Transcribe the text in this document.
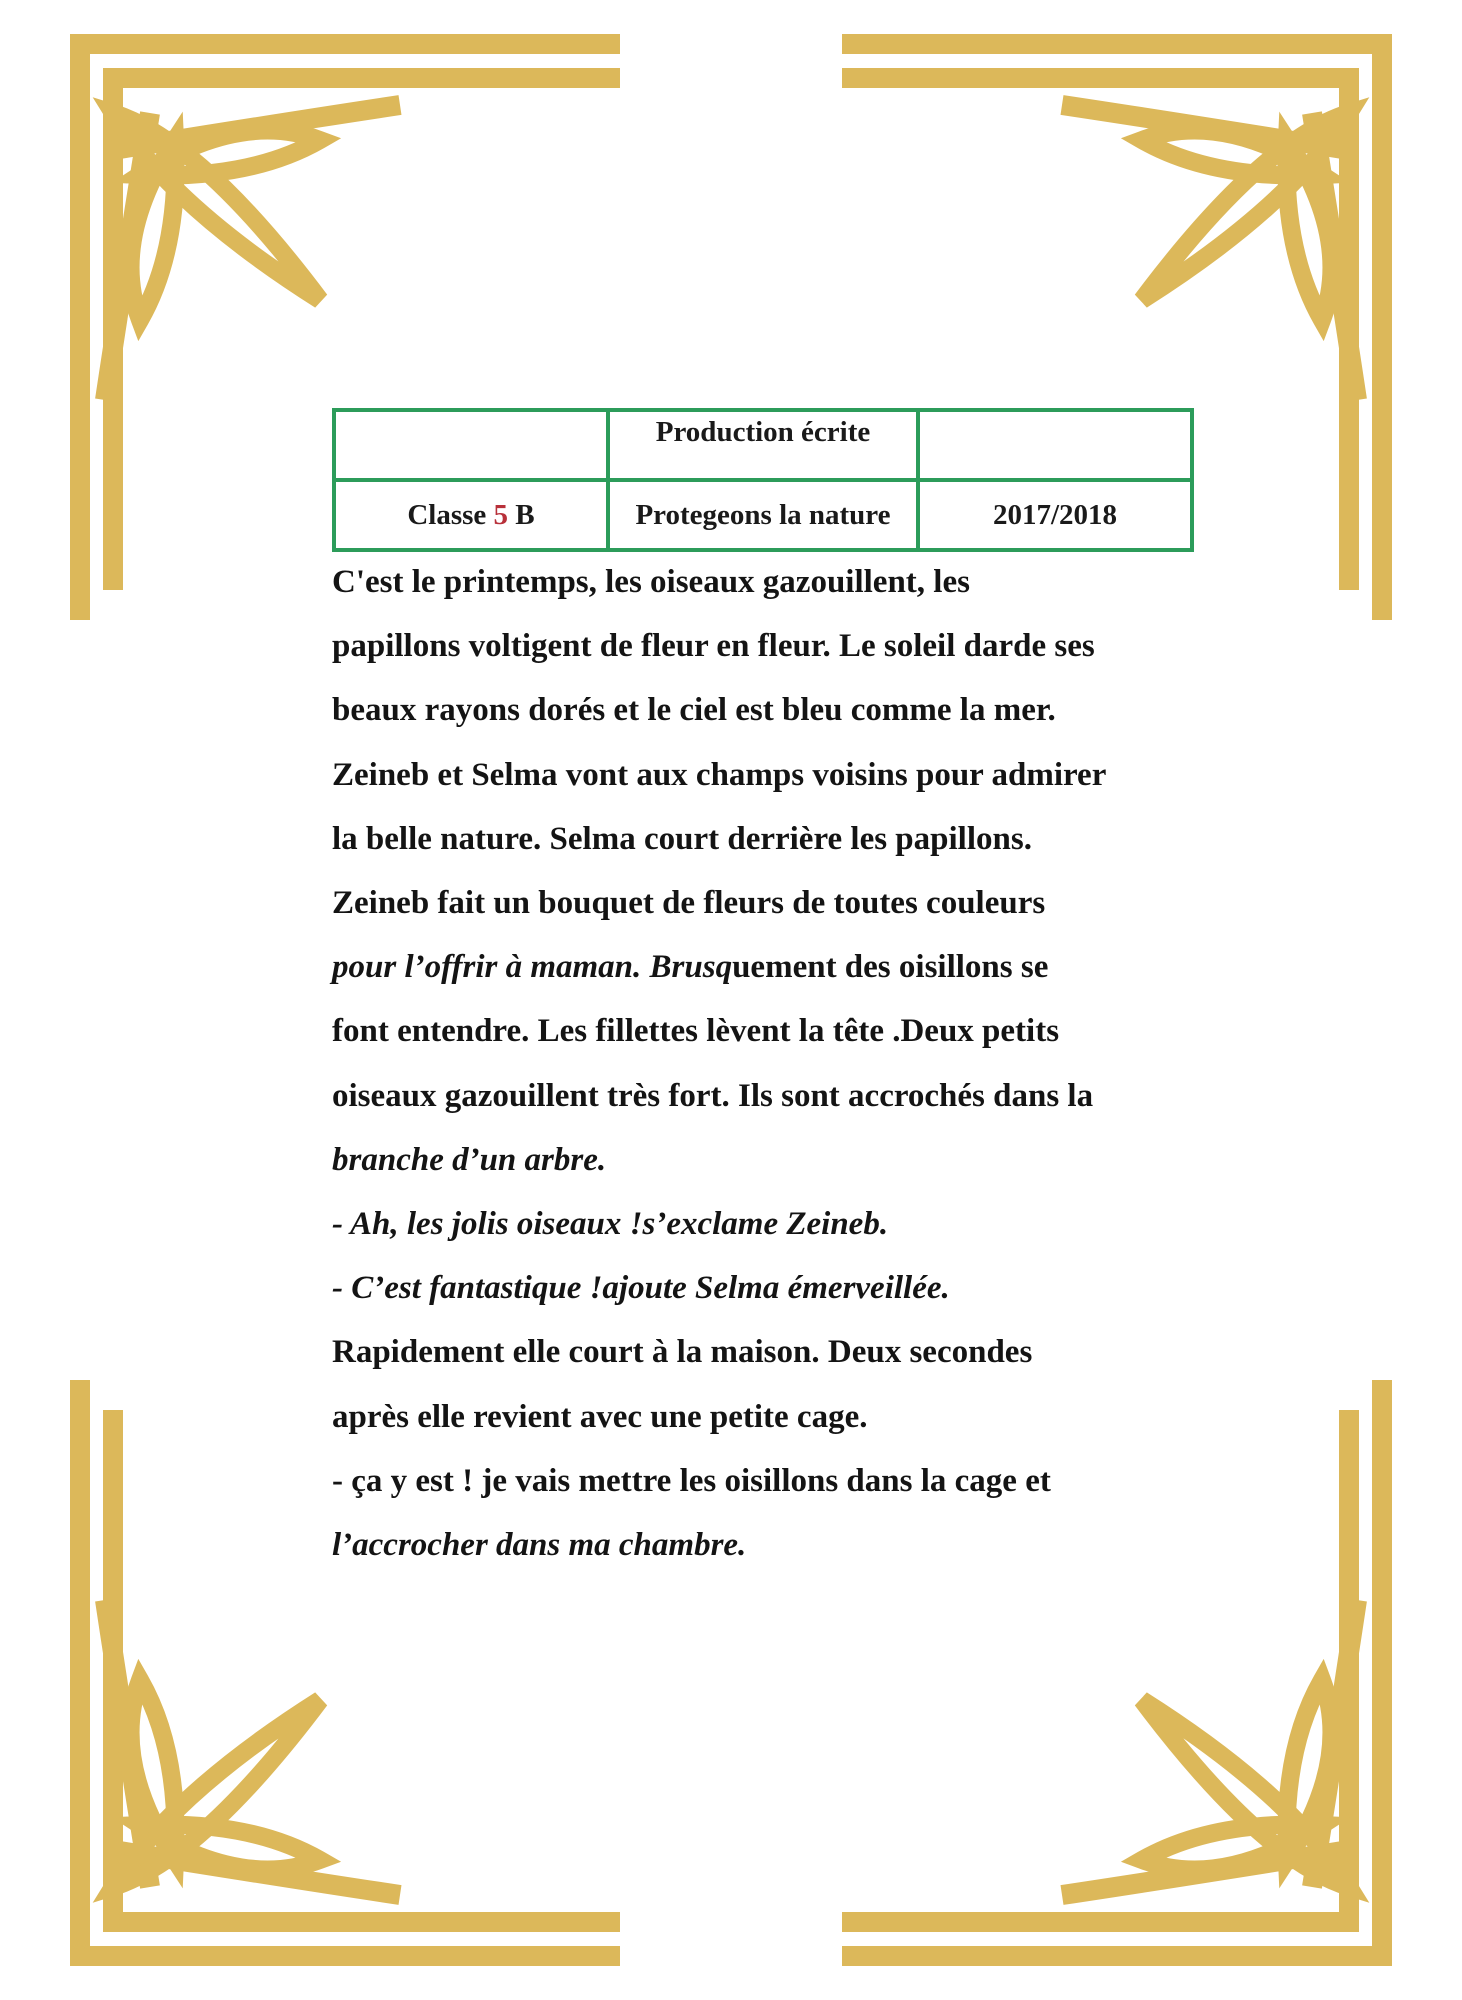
	Production écrite	
Classe 5 B	Protegeons la nature	2017/2018
C'est le printemps, les oiseaux gazouillent, les
papillons voltigent de fleur en fleur. Le soleil darde ses
beaux rayons dorés et le ciel est bleu comme la mer.
Zeineb et Selma vont aux champs voisins pour admirer
la belle nature. Selma court derrière les papillons.
Zeineb fait un bouquet de fleurs de toutes couleurs
pour l’offrir à maman. Brusquement des oisillons se
font entendre. Les fillettes lèvent la tête .Deux petits
oiseaux gazouillent très fort. Ils sont accrochés dans la
branche d’un arbre.
- Ah, les jolis oiseaux !s’exclame Zeineb.
- C’est fantastique !ajoute Selma émerveillée.
Rapidement elle court à la maison. Deux secondes
après elle revient avec une petite cage.
- ça y est ! je vais mettre les oisillons dans la cage et
l’accrocher dans ma chambre.
